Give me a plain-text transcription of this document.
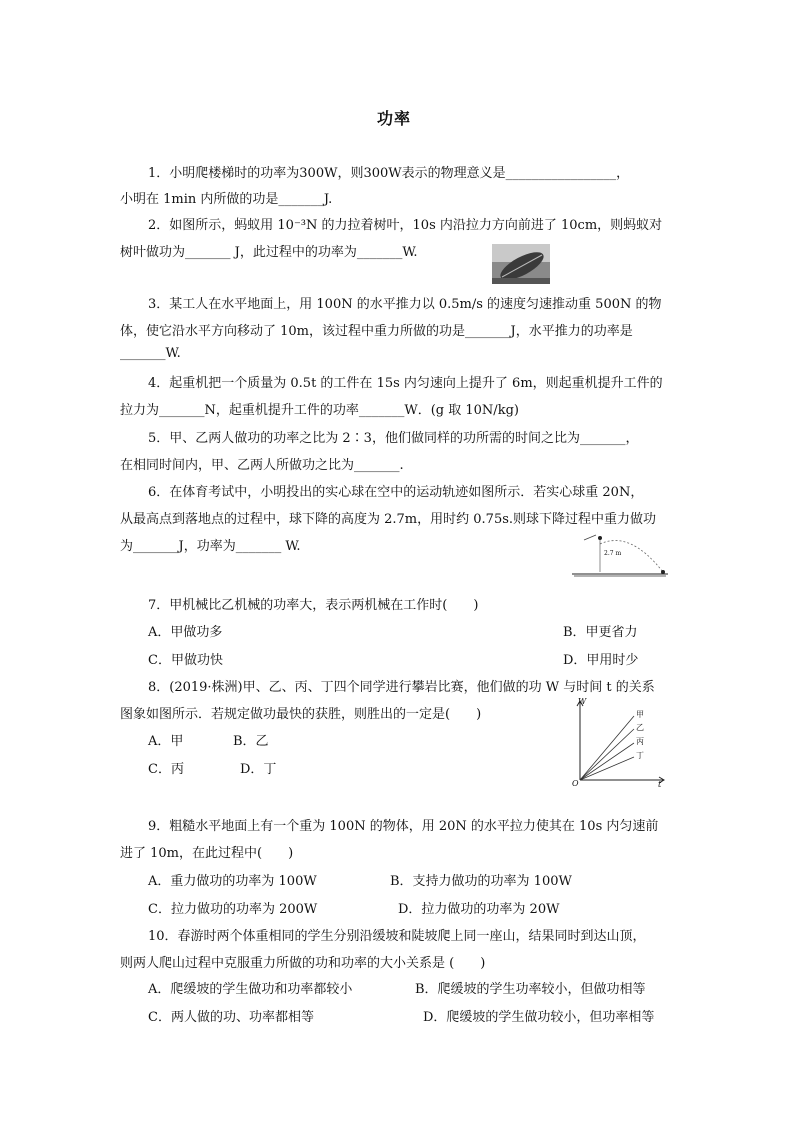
功率
1．小明爬楼梯时的功率为300W，则300W表示的物理意义是_________________，
小明在 1min 内所做的功是_______J.
2．如图所示，蚂蚁用 10⁻³N 的力拉着树叶，10s 内沿拉力方向前进了 10cm，则蚂蚁对
树叶做功为_______ J，此过程中的功率为_______W.
3．某工人在水平地面上，用 100N 的水平推力以 0.5m/s 的速度匀速推动重 500N 的物
体，使它沿水平方向移动了 10m，该过程中重力所做的功是_______J，水平推力的功率是
_______W.
4．起重机把一个质量为 0.5t 的工件在 15s 内匀速向上提升了 6m，则起重机提升工件的
拉力为_______N，起重机提升工件的功率_______W．(g 取 10N/kg)
5．甲、乙两人做功的功率之比为 2∶3，他们做同样的功所需的时间之比为_______，
在相同时间内，甲、乙两人所做功之比为_______.
6．在体育考试中，小明投出的实心球在空中的运动轨迹如图所示．若实心球重 20N，
从最高点到落地点的过程中，球下降的高度为 2.7m，用时约 0.75s.则球下降过程中重力做功
为_______J，功率为_______ W.	2.7 m
7．甲机械比乙机械的功率大，表示两机械在工作时(　　)
A．甲做功多	B．甲更省力
C．甲做功快	D．甲用时少
8．(2019·株洲)甲、乙、丙、丁四个同学进行攀岩比赛，他们做的功 W 与时间 t 的关系
图象如图所示．若规定做功最快的获胜，则胜出的一定是(　　)
A．甲	B．乙
C．丙	D．丁
W
t
O
甲
乙
丙
丁
9．粗糙水平地面上有一个重为 100N 的物体，用 20N 的水平拉力使其在 10s 内匀速前
进了 10m，在此过程中(　　)
A．重力做功的功率为 100W	B．支持力做功的功率为 100W
C．拉力做功的功率为 200W	D．拉力做功的功率为 20W
10．春游时两个体重相同的学生分别沿缓坡和陡坡爬上同一座山，结果同时到达山顶，
则两人爬山过程中克服重力所做的功和功率的大小关系是 (　　)
A．爬缓坡的学生做功和功率都较小	B．爬缓坡的学生功率较小，但做功相等
C．两人做的功、功率都相等	D．爬缓坡的学生做功较小，但功率相等
